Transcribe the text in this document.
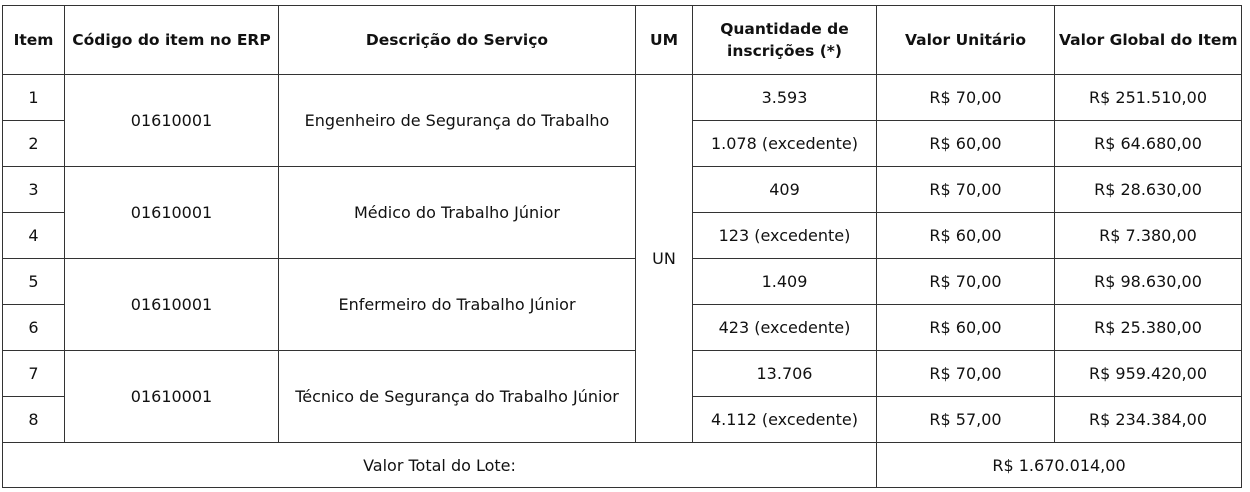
Item	Código do item no ERP	Descrição do Serviço	UM	Quantidade de inscrições (*)	Valor Unitário	Valor Global do Item
1	01610001	Engenheiro de Segurança do Trabalho	UN	3.593	R$ 70,00	R$ 251.510,00
2				1.078 (excedente)	R$ 60,00	R$ 64.680,00
3	01610001	Médico do Trabalho Júnior		409	R$ 70,00	R$ 28.630,00
4				123 (excedente)	R$ 60,00	R$ 7.380,00
5	01610001	Enfermeiro do Trabalho Júnior		1.409	R$ 70,00	R$ 98.630,00
6				423 (excedente)	R$ 60,00	R$ 25.380,00
7	01610001	Técnico de Segurança do Trabalho Júnior		13.706	R$ 70,00	R$ 959.420,00
8				4.112 (excedente)	R$ 57,00	R$ 234.384,00
Valor Total do Lote:					R$ 1.670.014,00	
